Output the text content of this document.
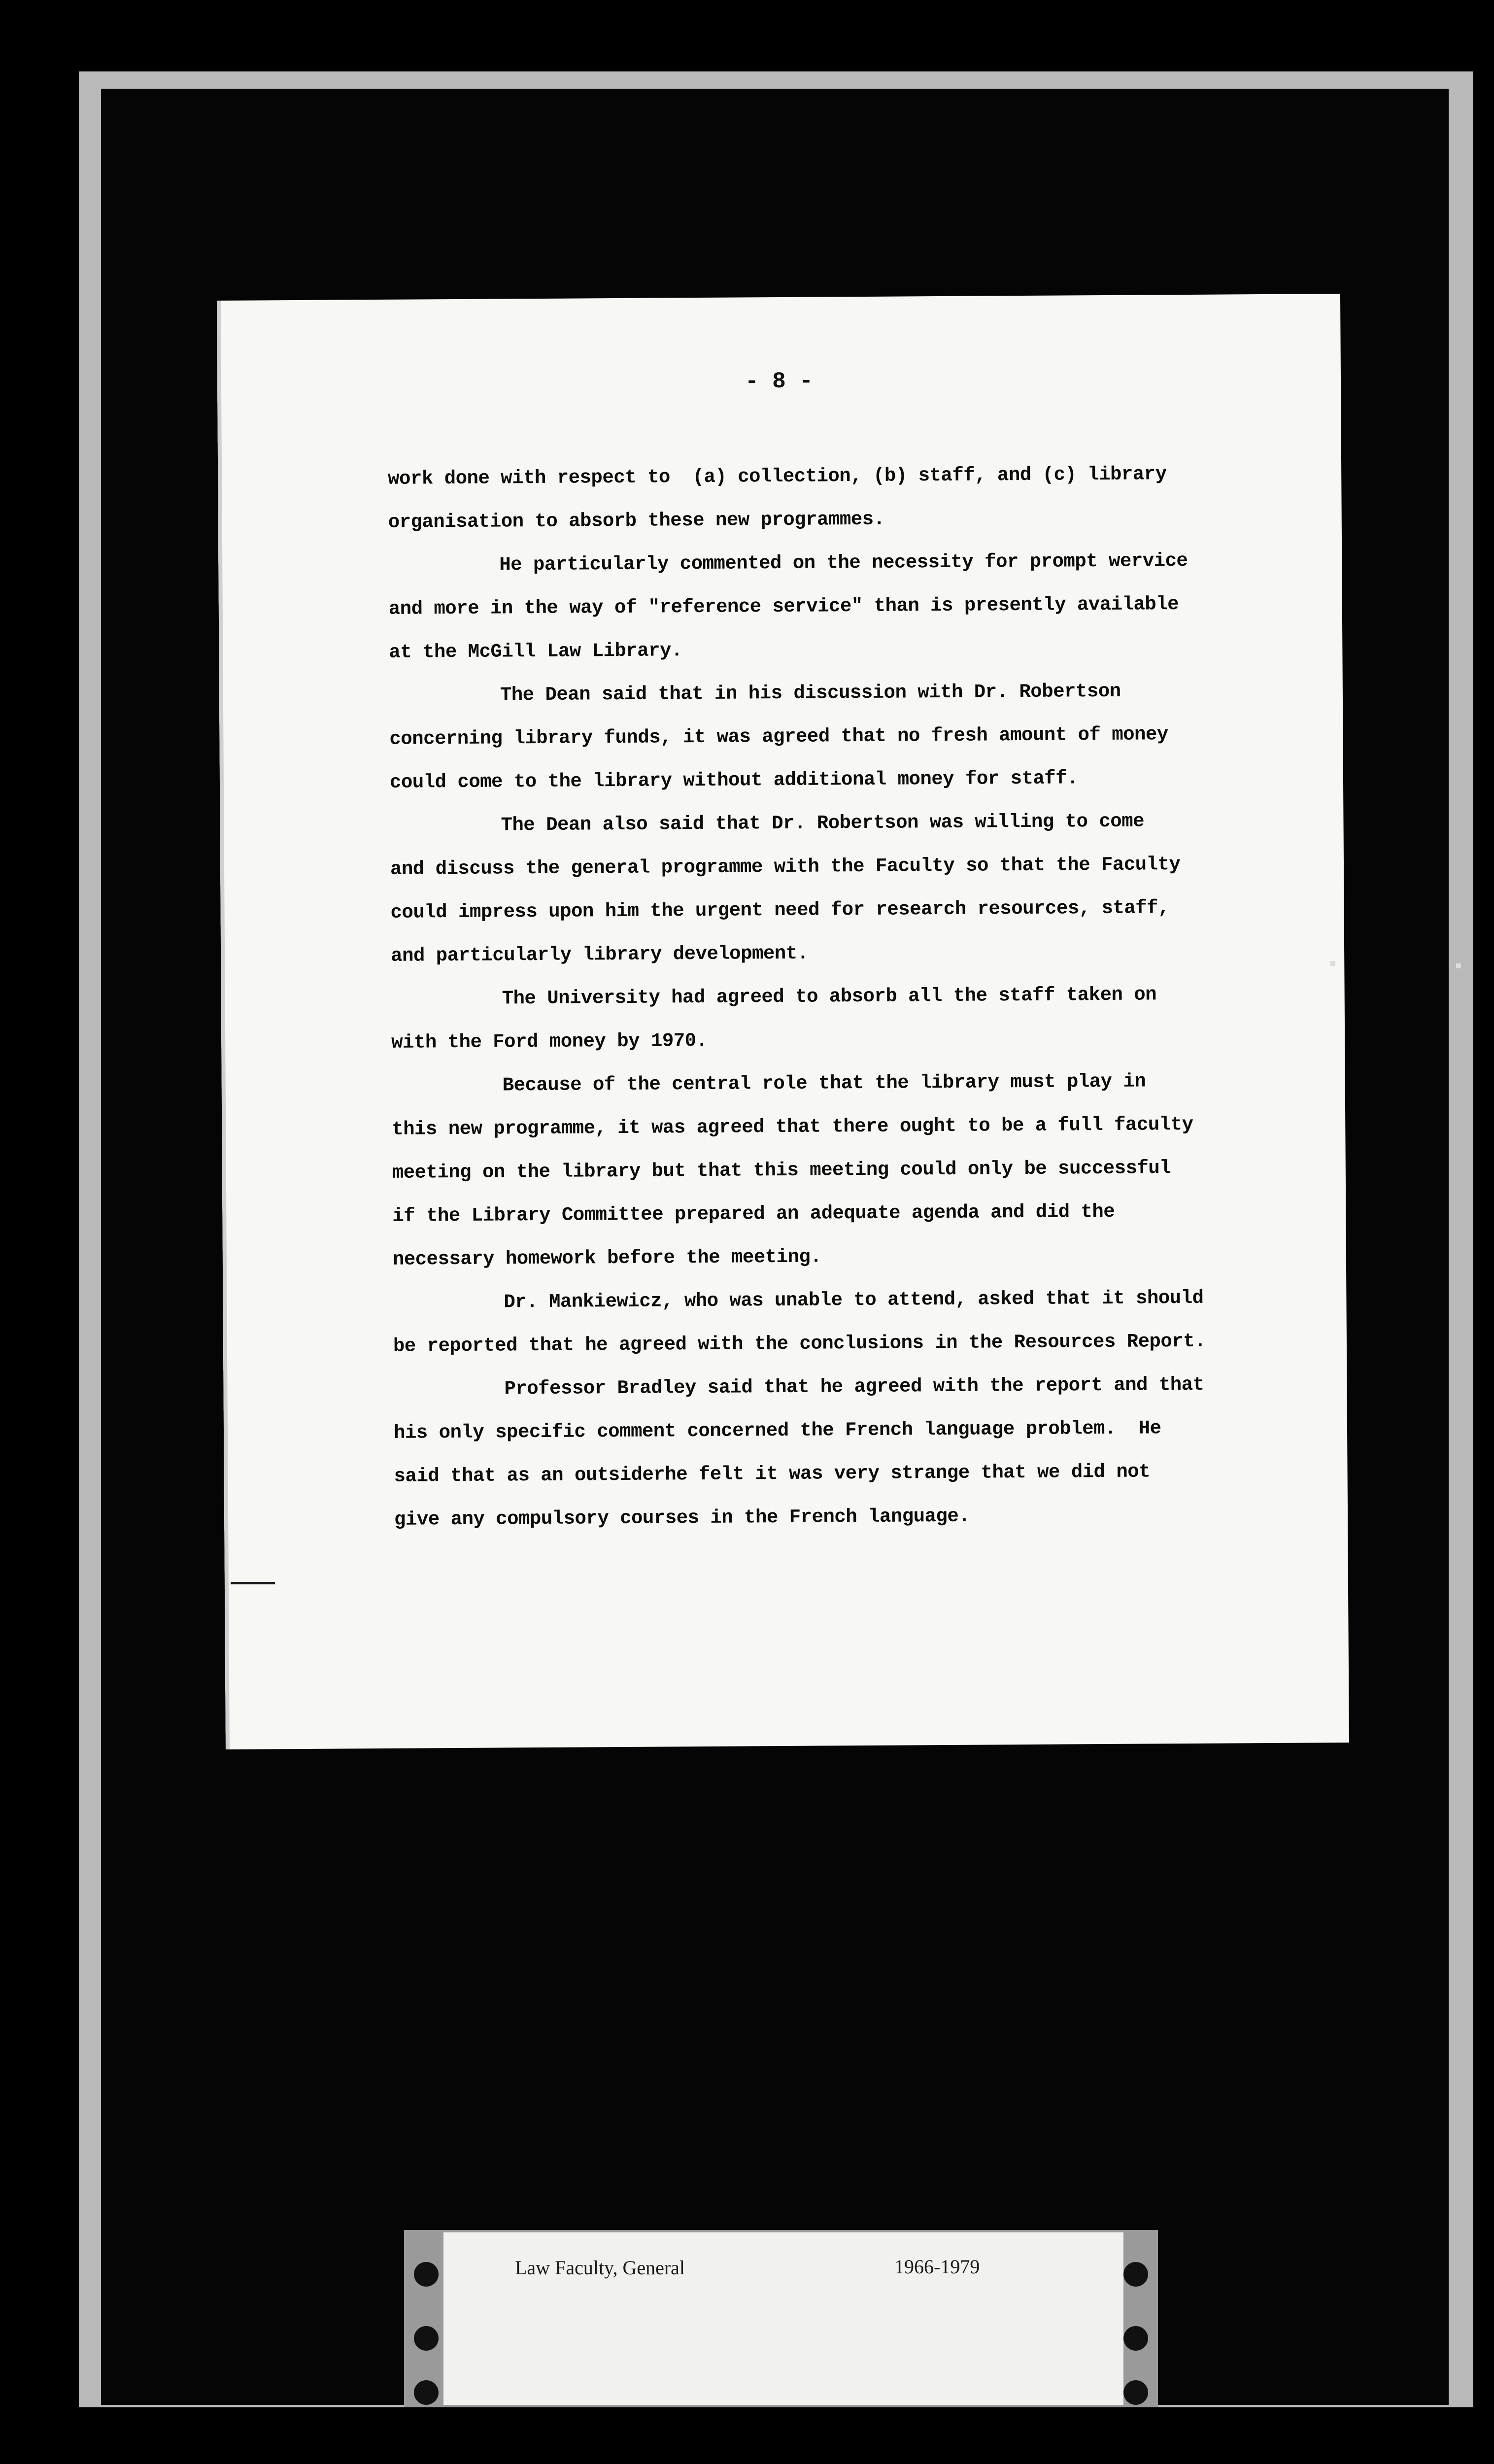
- 8 -
work done with respect to  (a) collection, (b) staff, and (c) library
organisation to absorb these new programmes.
He particularly commented on the necessity for prompt wervice
and more in the way of "reference service" than is presently available
at the McGill Law Library.
The Dean said that in his discussion with Dr. Robertson
concerning library funds, it was agreed that no fresh amount of money
could come to the library without additional money for staff.
The Dean also said that Dr. Robertson was willing to come
and discuss the general programme with the Faculty so that the Faculty
could impress upon him the urgent need for research resources, staff,
and particularly library development.
The University had agreed to absorb all the staff taken on
with the Ford money by 1970.
Because of the central role that the library must play in
this new programme, it was agreed that there ought to be a full faculty
meeting on the library but that this meeting could only be successful
if the Library Committee prepared an adequate agenda and did the
necessary homework before the meeting.
Dr. Mankiewicz, who was unable to attend, asked that it should
be reported that he agreed with the conclusions in the Resources Report.
Professor Bradley said that he agreed with the report and that
his only specific comment concerned the French language problem.  He
said that as an outsiderhe felt it was very strange that we did not
give any compulsory courses in the French language.
Law Faculty, General	1966-1979
